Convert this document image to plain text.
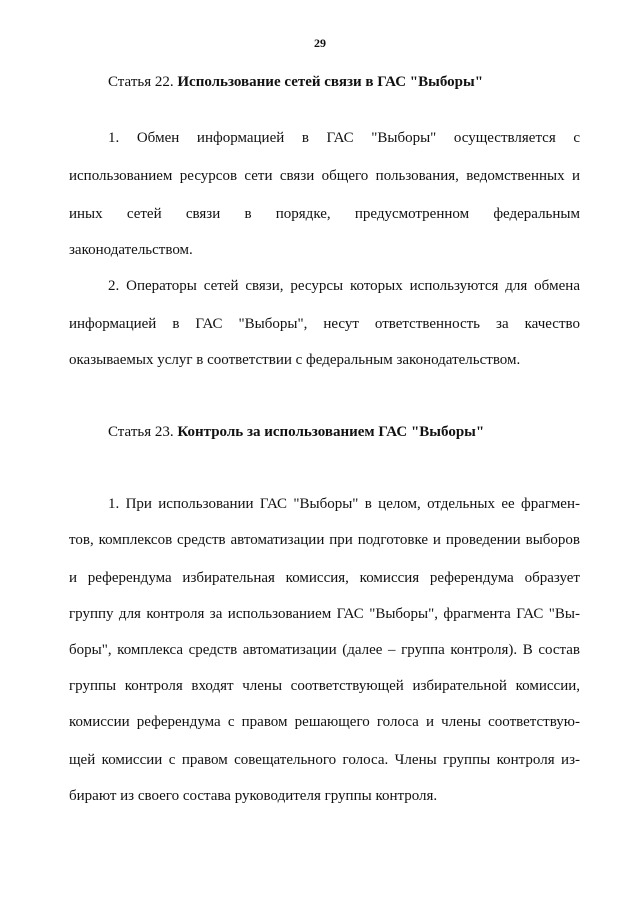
29
Статья 22. Использование сетей связи в ГАС "Выборы"
1. Обмен информацией в ГАС "Выборы" осуществляется с
использованием ресурсов сети связи общего пользования, ведомственных и
иных сетей связи в порядке, предусмотренном федеральным
законодательством.
2. Операторы сетей связи, ресурсы которых используются для обмена
информацией в ГАС "Выборы", несут ответственность за качество
оказываемых услуг в соответствии с федеральным законодательством.
Статья 23. Контроль за использованием ГАС "Выборы"
1. При использовании ГАС "Выборы" в целом, отдельных ее фрагмен-
тов, комплексов средств автоматизации при подготовке и проведении выборов
и референдума избирательная комиссия, комиссия референдума образует
группу для контроля за использованием ГАС "Выборы", фрагмента ГАС "Вы-
боры", комплекса средств автоматизации (далее – группа контроля). В состав
группы контроля входят члены соответствующей избирательной комиссии,
комиссии референдума с правом решающего голоса и члены соответствую-
щей комиссии с правом совещательного голоса. Члены группы контроля из-
бирают из своего состава руководителя группы контроля.
